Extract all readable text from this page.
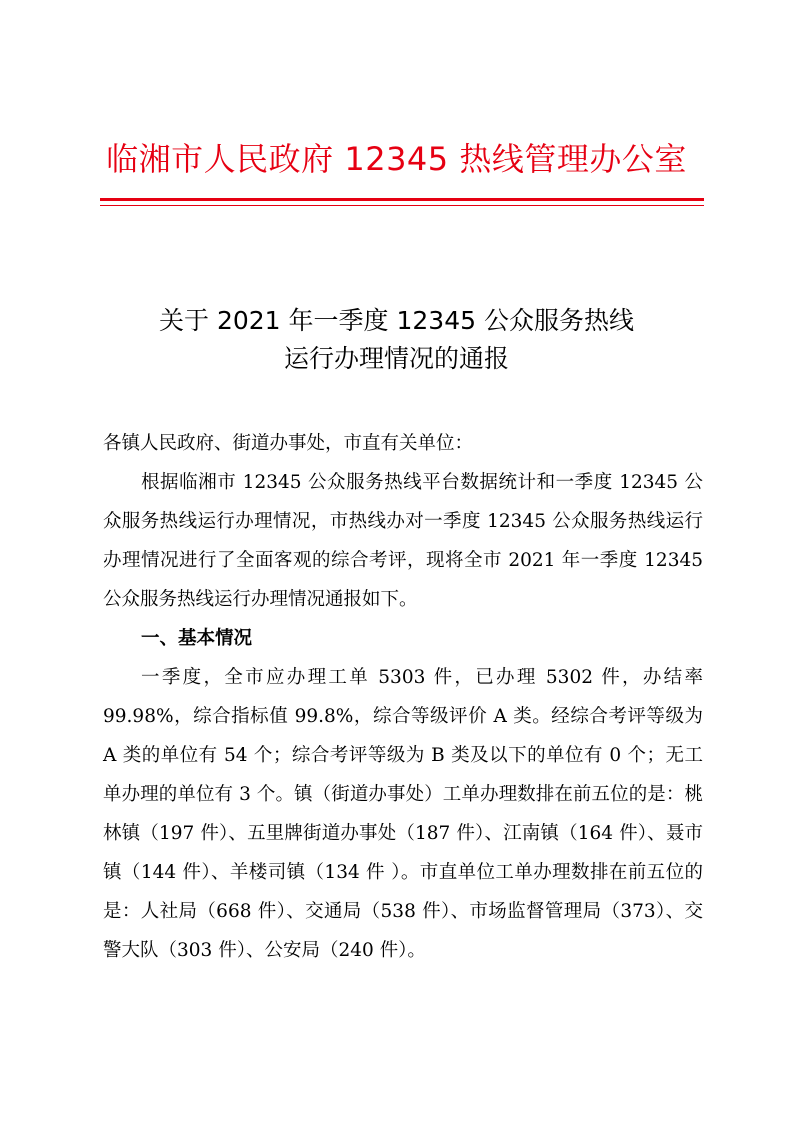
临湘市人民政府 12345 热线管理办公室
关于 2021 年一季度 12345 公众服务热线
运行办理情况的通报

各镇人民政府、街道办事处，市直有关单位：

根据临湘市 12345 公众服务热线平台数据统计和一季度 12345 公众服务热线运行办理情况，市热线办对一季度 12345 公众服务热线运行办理情况进行了全面客观的综合考评，现将全市 2021 年一季度 12345 公众服务热线运行办理情况通报如下。

一、基本情况

一季度，全市应办理工单 5303 件，已办理 5302 件，办结率 99.98%，综合指标值 99.8%，综合等级评价 A 类。经综合考评等级为 A 类的单位有 54 个；综合考评等级为 B 类及以下的单位有 0 个；无工单办理的单位有 3 个。镇（街道办事处）工单办理数排在前五位的是：桃林镇（197 件）、五里牌街道办事处（187 件）、江南镇（164 件）、聂市镇（144 件）、羊楼司镇（134 件 ）。市直单位工单办理数排在前五位的是：人社局（668 件）、交通局（538 件）、市场监督管理局（373）、交警大队（303 件）、公安局（240 件）。
